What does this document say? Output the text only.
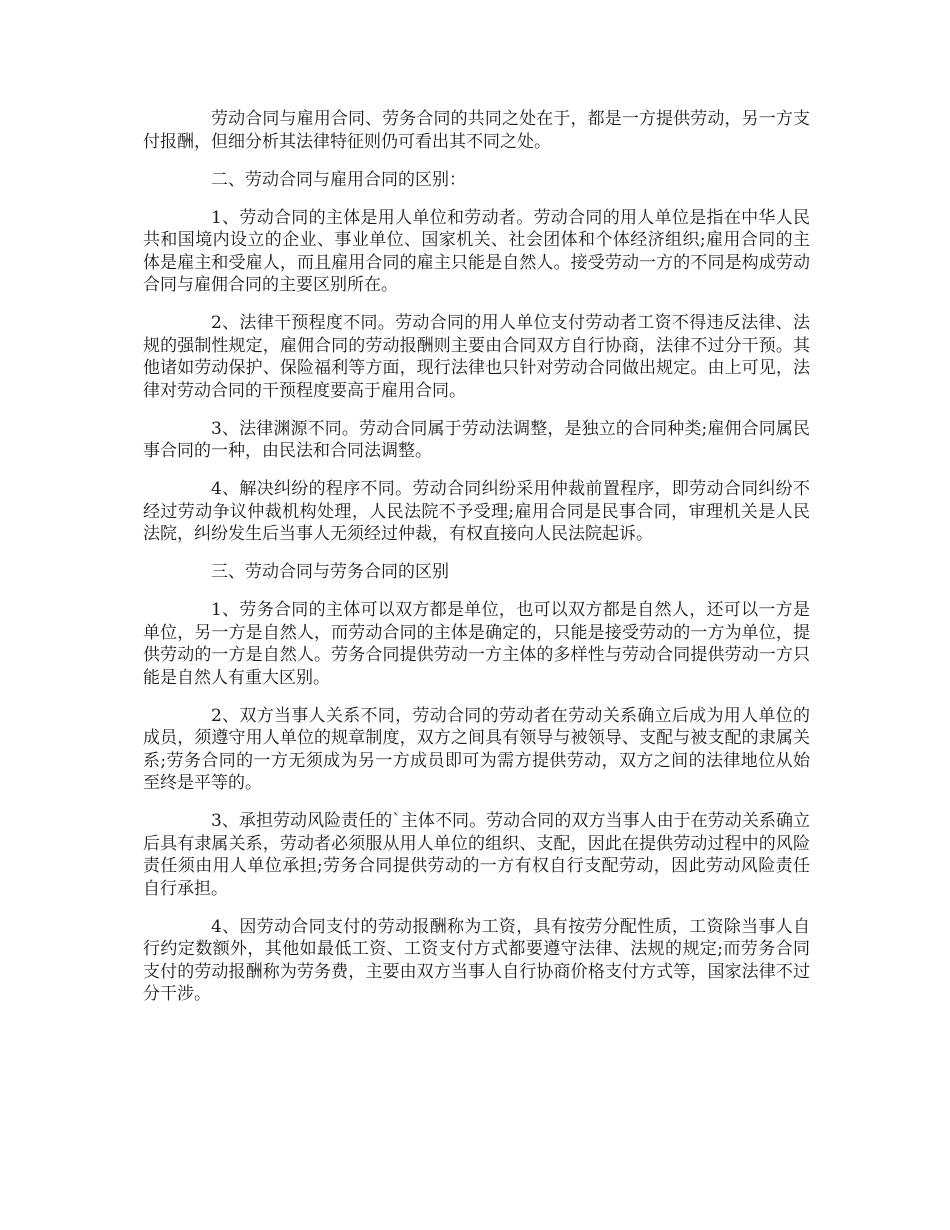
劳动合同与雇用合同、劳务合同的共同之处在于，都是一方提供劳动，另一方支付报酬，但细分析其法律特征则仍可看出其不同之处。

二、劳动合同与雇用合同的区别：

1、劳动合同的主体是用人单位和劳动者。劳动合同的用人单位是指在中华人民共和国境内设立的企业、事业单位、国家机关、社会团体和个体经济组织;雇用合同的主体是雇主和受雇人，而且雇用合同的雇主只能是自然人。接受劳动一方的不同是构成劳动合同与雇佣合同的主要区别所在。

2、法律干预程度不同。劳动合同的用人单位支付劳动者工资不得违反法律、法规的强制性规定，雇佣合同的劳动报酬则主要由合同双方自行协商，法律不过分干预。其他诸如劳动保护、保险福利等方面，现行法律也只针对劳动合同做出规定。由上可见，法律对劳动合同的干预程度要高于雇用合同。

3、法律渊源不同。劳动合同属于劳动法调整，是独立的合同种类;雇佣合同属民事合同的一种，由民法和合同法调整。

4、解决纠纷的程序不同。劳动合同纠纷采用仲裁前置程序，即劳动合同纠纷不经过劳动争议仲裁机构处理，人民法院不予受理;雇用合同是民事合同，审理机关是人民法院，纠纷发生后当事人无须经过仲裁，有权直接向人民法院起诉。

三、劳动合同与劳务合同的区别

1、劳务合同的主体可以双方都是单位，也可以双方都是自然人，还可以一方是单位，另一方是自然人，而劳动合同的主体是确定的，只能是接受劳动的一方为单位，提供劳动的一方是自然人。劳务合同提供劳动一方主体的多样性与劳动合同提供劳动一方只能是自然人有重大区别。

2、双方当事人关系不同，劳动合同的劳动者在劳动关系确立后成为用人单位的成员，须遵守用人单位的规章制度，双方之间具有领导与被领导、支配与被支配的隶属关系;劳务合同的一方无须成为另一方成员即可为需方提供劳动，双方之间的法律地位从始至终是平等的。

3、承担劳动风险责任的`主体不同。劳动合同的双方当事人由于在劳动关系确立后具有隶属关系，劳动者必须服从用人单位的组织、支配，因此在提供劳动过程中的风险责任须由用人单位承担;劳务合同提供劳动的一方有权自行支配劳动，因此劳动风险责任自行承担。

4、因劳动合同支付的劳动报酬称为工资，具有按劳分配性质，工资除当事人自行约定数额外，其他如最低工资、工资支付方式都要遵守法律、法规的规定;而劳务合同支付的劳动报酬称为劳务费，主要由双方当事人自行协商价格支付方式等，国家法律不过分干涉。
